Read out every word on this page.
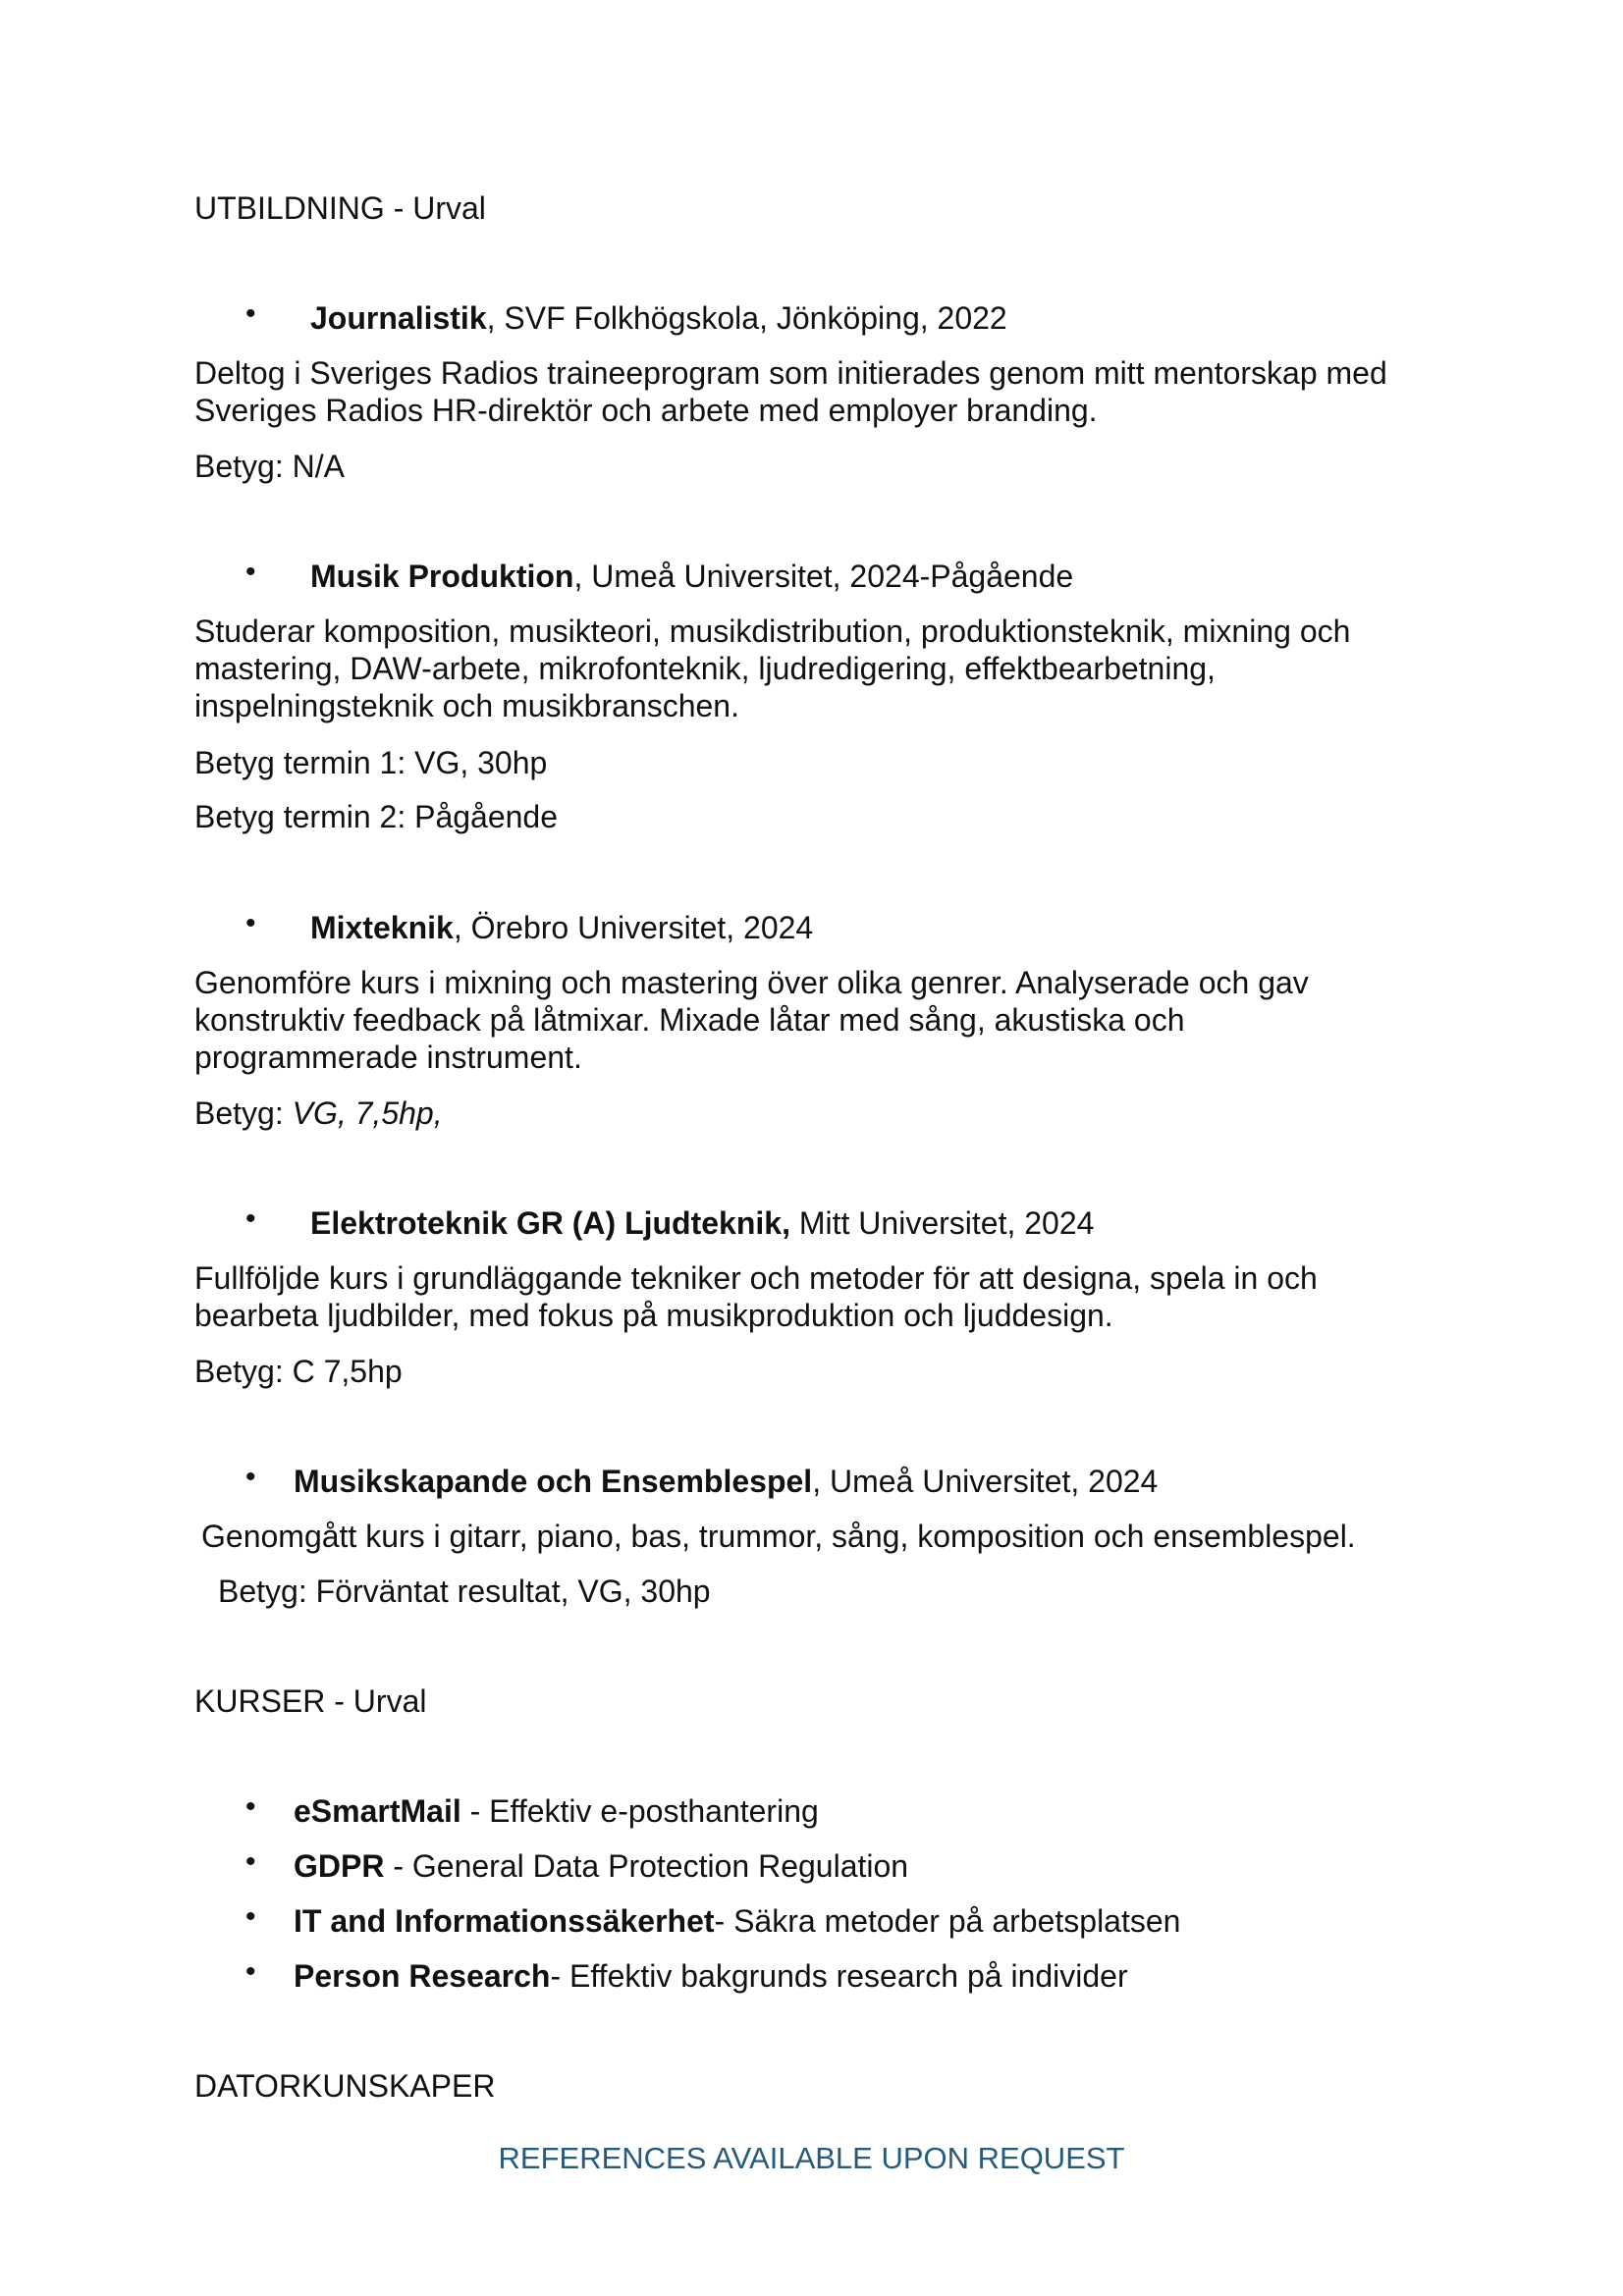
UTBILDNING - Urval
• Journalistik, SVF Folkhögskola, Jönköping, 2022
Deltog i Sveriges Radios traineeprogram som initierades genom mitt mentorskap med
Sveriges Radios HR-direktör och arbete med employer branding.
Betyg: N/A
• Musik Produktion, Umeå Universitet, 2024-Pågående
Studerar komposition, musikteori, musikdistribution, produktionsteknik, mixning och
mastering, DAW-arbete, mikrofonteknik, ljudredigering, effektbearbetning,
inspelningsteknik och musikbranschen.
Betyg termin 1: VG, 30hp
Betyg termin 2: Pågående
• Mixteknik, Örebro Universitet, 2024
Genomföre kurs i mixning och mastering över olika genrer. Analyserade och gav
konstruktiv feedback på låtmixar. Mixade låtar med sång, akustiska och
programmerade instrument.
Betyg: VG, 7,5hp,
• Elektroteknik GR (A) Ljudteknik, Mitt Universitet, 2024
Fullföljde kurs i grundläggande tekniker och metoder för att designa, spela in och
bearbeta ljudbilder, med fokus på musikproduktion och ljuddesign.
Betyg: C 7,5hp
• Musikskapande och Ensemblespel, Umeå Universitet, 2024
Genomgått kurs i gitarr, piano, bas, trummor, sång, komposition och ensemblespel.
Betyg: Förväntat resultat, VG, 30hp
KURSER - Urval
• eSmartMail - Effektiv e-posthantering
• GDPR - General Data Protection Regulation
• IT and Informationssäkerhet- Säkra metoder på arbetsplatsen
• Person Research- Effektiv bakgrunds research på individer
DATORKUNSKAPER
REFERENCES AVAILABLE UPON REQUEST
